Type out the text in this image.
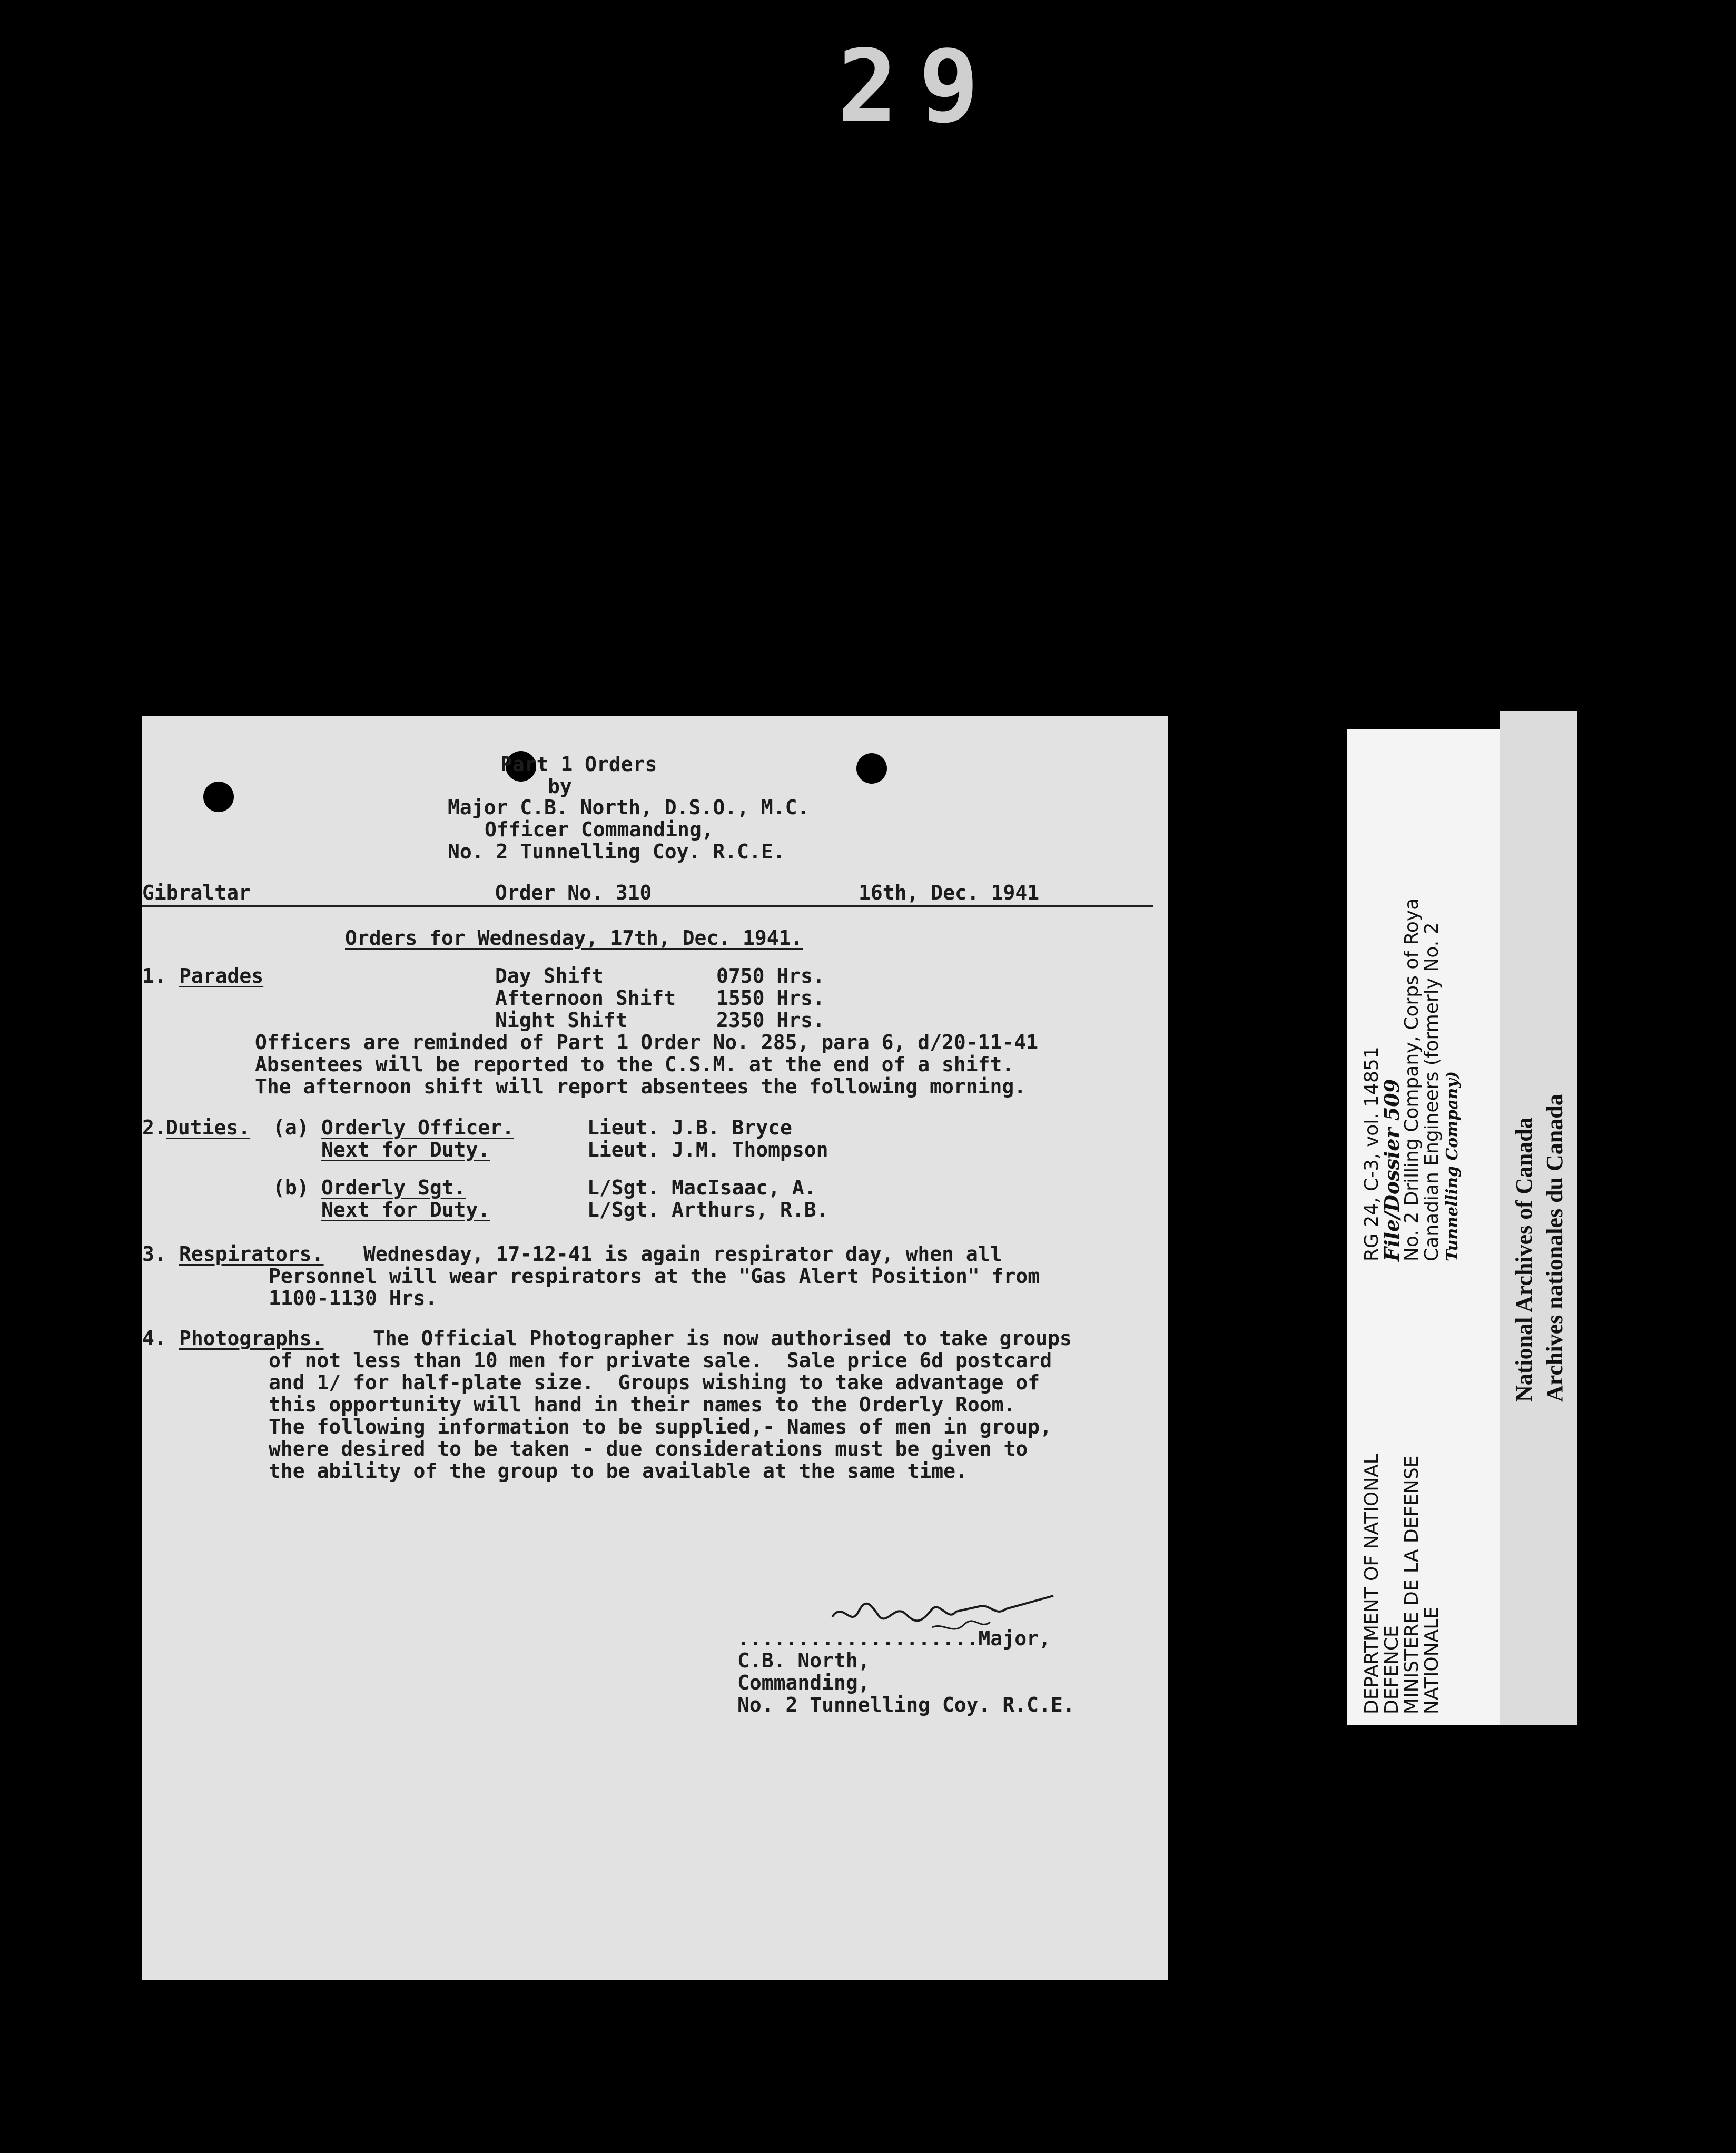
29
Part 1 Orders
by
Major C.B. North, D.S.O., M.C.
Officer Commanding,
No. 2 Tunnelling Coy. R.C.E.
Gibraltar	Order No. 310	16th, Dec. 1941
Orders for Wednesday, 17th, Dec. 1941.
1. Parades	Day Shift	0750 Hrs.
Afternoon Shift 1550 Hrs.
Night Shift	2350 Hrs.
Officers are reminded of Part 1 Order No. 285, para 6, d/20-11-41
Absentees will be reported to the C.S.M. at the end of a shift.
The afternoon shift will report absentees the following morning.
2. Duties. (a) Orderly Officer.	Lieut. J.B. Bryce
Next for Duty.	Lieut. J.M. Thompson
(b) Orderly Sgt.	L/Sgt. MacIsaac, A.
Next for Duty.	L/Sgt. Arthurs, R.B.
3. Respirators. Wednesday, 17-12-41 is again respirator day, when all
Personnel will wear respirators at the "Gas Alert Position" from
1100-1130 Hrs.
4. Photographs. The Official Photographer is now authorised to take groups
of not less than 10 men for private sale.  Sale price 6d postcard
and 1/ for half-plate size.  Groups wishing to take advantage of
this opportunity will hand in their names to the Orderly Room.
The following information to be supplied,- Names of men in group,
where desired to be taken - due considerations must be given to
the ability of the group to be available at the same time.
....................Major,
C.B. North,
Commanding,
No. 2 Tunnelling Coy. R.C.E.	DEPARTMENT OF NATIONAL
DEFENCE
MINISTERE DE LA DEFENSE
NATIONALE
RG 24, C-3, vol. 14851
File/Dossier 509
No. 2 Drilling Company, Corps of Roya
Canadian Engineers (formerly No. 2 Tunnelling Company) National Archives of Canada Archives nationales du Canada
